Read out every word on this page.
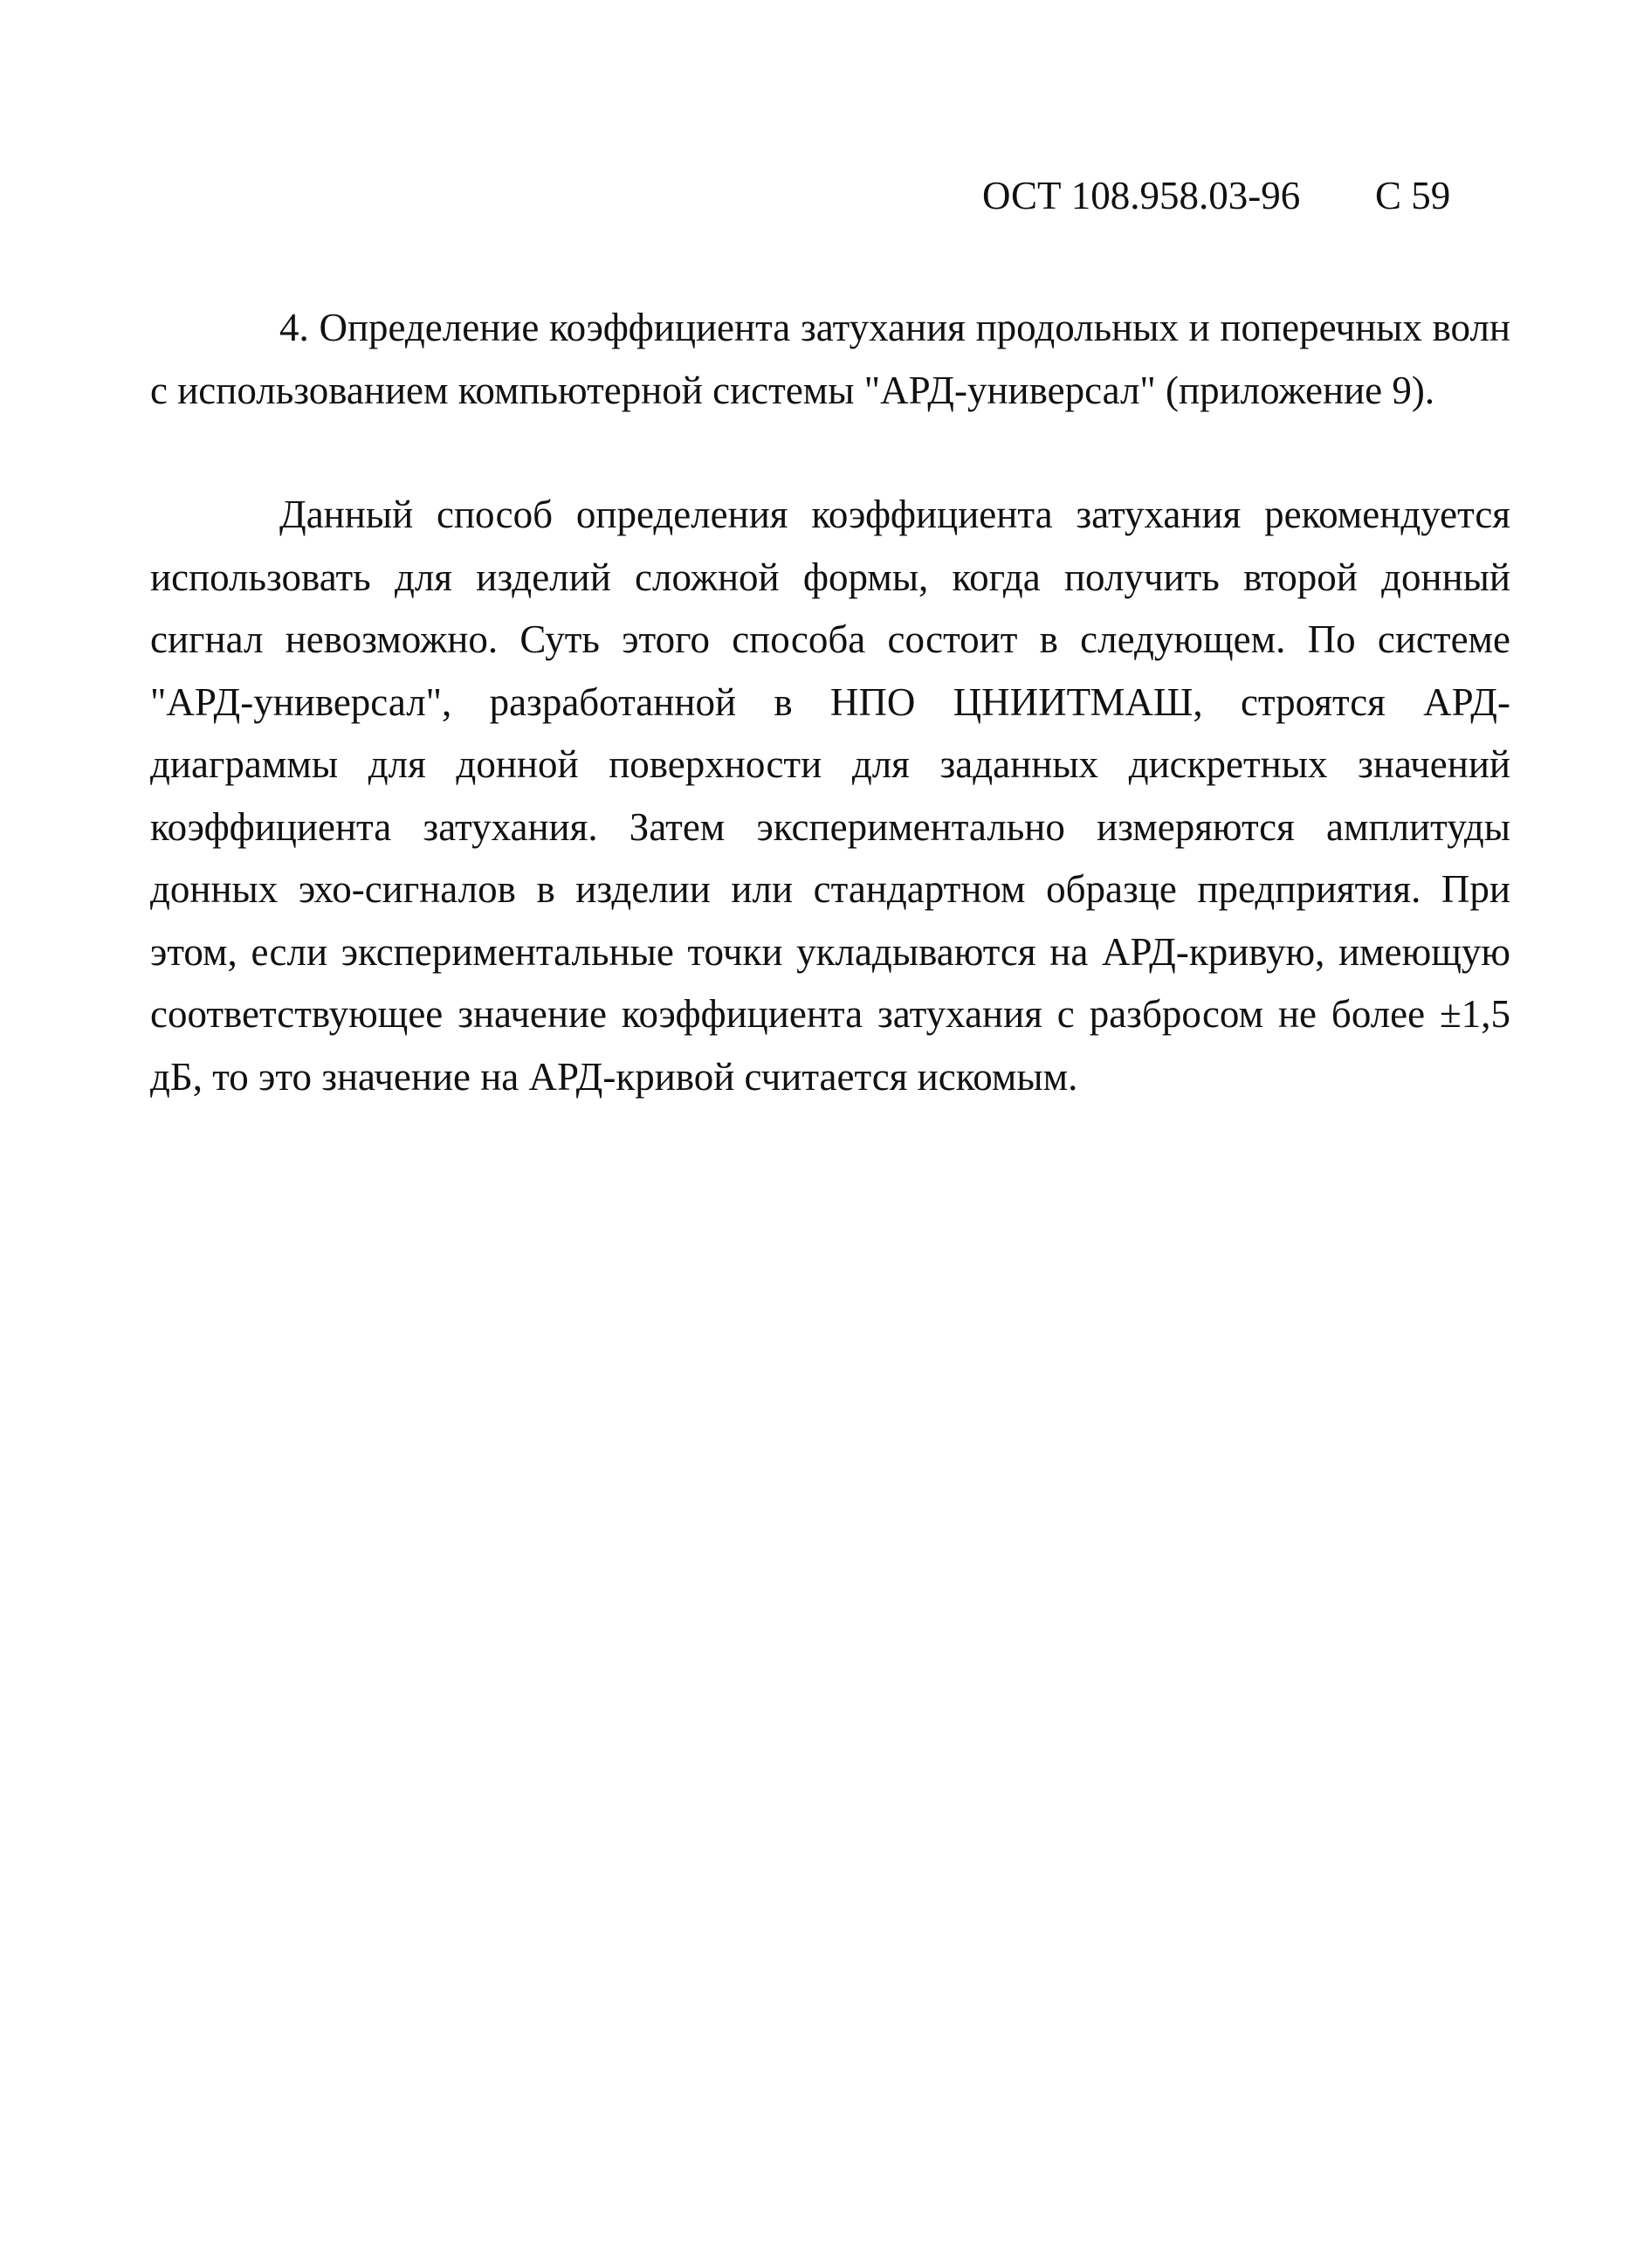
ОСТ 108.958.03-96 С 59

4. Определение коэффициента затухания продольных и поперечных волн с использованием компьютерной системы "АРД-универсал" (приложение 9).

Данный способ определения коэффициента затухания рекомендуется использовать для изделий сложной формы, когда получить второй донный сигнал невозможно. Суть этого способа состоит в следующем. По системе "АРД-универсал", разработанной в НПО ЦНИИТМАШ, строятся АРД-диаграммы для донной поверхности для заданных дискретных значений коэффициента затухания. Затем экспериментально измеряются амплитуды донных эхо-сигналов в изделии или стандартном образце предприятия. При этом, если экспериментальные точки укладываются на АРД-кривую, имеющую соответствующее значение коэффициента затухания с разбросом не более ±1,5 дБ, то это значение на АРД-кривой считается искомым.
